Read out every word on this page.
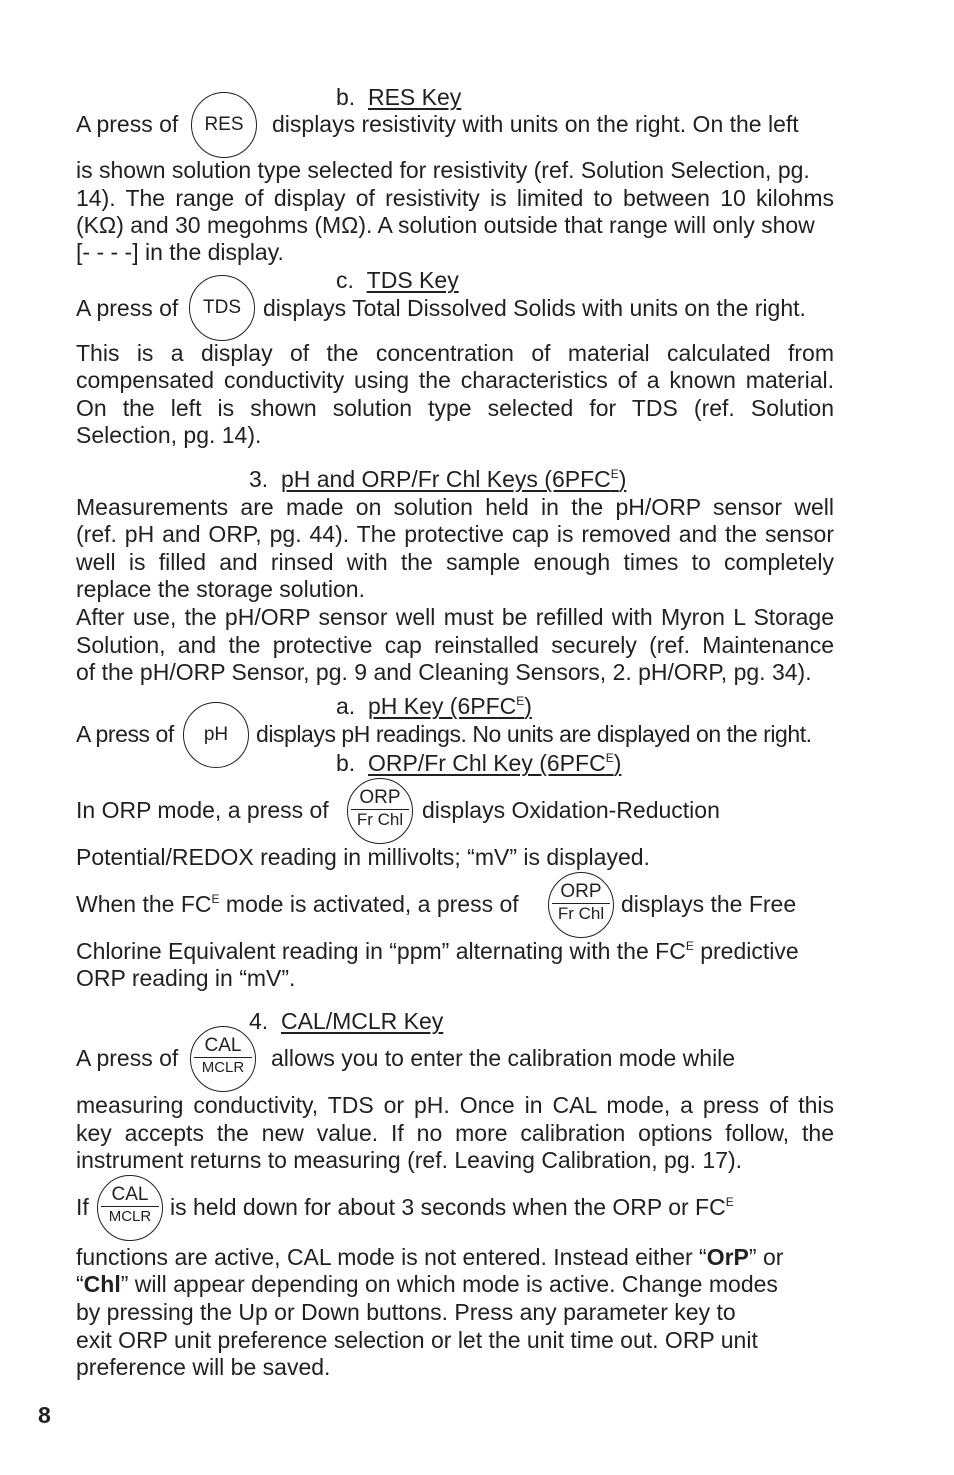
b. RES Key
A press of	displays resistivity with units on the right. On the left
RES
is shown solution type selected for resistivity (ref. Solution Selection, pg.
14). The range of display of resistivity is limited to between 10 kilohms
(KΩ) and 30 megohms (MΩ). A solution outside that range will only show
[- - - -] in the display.
c. TDS Key
A press of	displays Total Dissolved Solids with units on the right.
TDS
This is a display of the concentration of material calculated from
compensated conductivity using the characteristics of a known material.
On the left is shown solution type selected for TDS (ref. Solution
Selection, pg. 14).
3. pH and ORP/Fr Chl Keys $(6PFC^E)$
Measurements are made on solution held in the pH/ORP sensor well
(ref. pH and ORP, pg. 44). The protective cap is removed and the sensor
well is filled and rinsed with the sample enough times to completely
replace the storage solution.
After use, the pH/ORP sensor well must be refilled with Myron L Storage
Solution, and the protective cap reinstalled securely (ref. Maintenance
of the pH/ORP Sensor, pg. 9 and Cleaning Sensors, 2. pH/ORP, pg. 34).
a. pH Key $(6PFC^E)$
A press of	displays pH readings. No units are displayed on the right.
pH
b. ORP/Fr Chl Key $(6PFC^E)$
In ORP mode, a press of	displays Oxidation-Reduction
ORP
Fr Chl
Potential/REDOX reading in millivolts; “mV” is displayed.
When the $FC^E$ mode is activated, a press of	displays the Free
ORP
Fr Chl
Chlorine Equivalent reading in “ppm” alternating with the $FC^E$ predictive
ORP reading in “mV”.
4. CAL/MCLR Key
A press of	allows you to enter the calibration mode while
CAL
MCLR
measuring conductivity, TDS or pH. Once in CAL mode, a press of this
key accepts the new value. If no more calibration options follow, the
instrument returns to measuring (ref. Leaving Calibration, pg. 17).
If	is held down for about 3 seconds when the ORP or $FC^E$
CAL
MCLR
functions are active, CAL mode is not entered. Instead either “OrP” or
“Chl” will appear depending on which mode is active. Change modes
by pressing the Up or Down buttons. Press any parameter key to
exit ORP unit preference selection or let the unit time out. ORP unit
preference will be saved.
8
